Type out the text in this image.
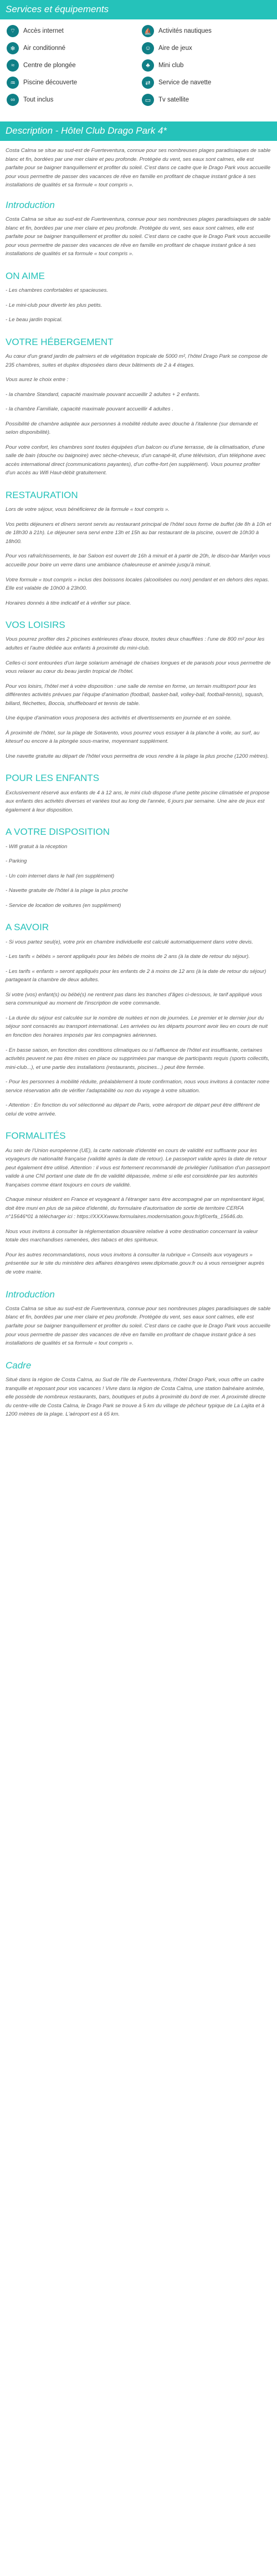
Services et équipements
⌔	Accès internet	⛵	Activités nautiques
❄	Air conditionné	☺	Aire de jeux
≈	Centre de plongée	♣	Mini club
♒	Piscine découverte	⇄	Service de navette
∞	Tout inclus	▭	Tv satellite
Description - Hôtel Club Drago Park 4*

Costa Calma se situe au sud-est de Fuerteventura, connue pour ses nombreuses plages paradisiaques de sable blanc et fin, bordées par une mer claire et peu profonde. Protégée du vent, ses eaux sont calmes, elle est parfaite pour se baigner tranquillement et profiter du soleil. C'est dans ce cadre que le Drago Park vous accueille pour vous permettre de passer des vacances de rêve en famille en profitant de chaque instant grâce à ses installations de qualités et sa formule « tout compris ».

Introduction

Costa Calma se situe au sud-est de Fuerteventura, connue pour ses nombreuses plages paradisiaques de sable blanc et fin, bordées par une mer claire et peu profonde. Protégée du vent, ses eaux sont calmes, elle est parfaite pour se baigner tranquillement et profiter du soleil. C'est dans ce cadre que le Drago Park vous accueille pour vous permettre de passer des vacances de rêve en famille en profitant de chaque instant grâce à ses installations de qualités et sa formule « tout compris ».

ON AIME

- Les chambres confortables et spacieuses.

- Le mini-club pour divertir les plus petits.

- Le beau jardin tropical.

VOTRE HÉBERGEMENT

Au cœur d'un grand jardin de palmiers et de végétation tropicale de 5000 m², l'hôtel Drago Park se compose de 235 chambres, suites et duplex disposées dans deux bâtiments de 2 à 4 étages.

Vous aurez le choix entre :

- la chambre Standard, capacité maximale pouvant accueillir 2 adultes + 2 enfants.

- la chambre Familiale, capacité maximale pouvant accueillir 4 adultes .

Possibilité de chambre adaptée aux personnes à mobilité réduite avec douche à l'italienne (sur demande et selon disponibilité).

Pour votre confort, les chambres sont toutes équipées d'un balcon ou d'une terrasse, de la climatisation, d'une salle de bain (douche ou baignoire) avec sèche-cheveux, d'un canapé-lit, d'une télévision, d'un téléphone avec accès international direct (communications payantes), d'un coffre-fort (en supplément). Vous pourrez profiter d'un accès au Wifi Haut-débit gratuitement.

RESTAURATION

Lors de votre séjour, vous bénéficierez de la formule « tout compris ».

Vos petits déjeuners et dîners seront servis au restaurant principal de l'hôtel sous forme de buffet (de 8h à 10h et de 18h30 à 21h). Le déjeuner sera servi entre 13h et 15h au bar restaurant de la piscine, ouvert de 10h30 à 18h00.

Pour vos rafraîchissements, le bar Saloon est ouvert de 16h à minuit et à partir de 20h, le disco-bar Marilyn vous accueille pour boire un verre dans une ambiance chaleureuse et animée jusqu'à minuit.

Votre formule « tout compris » inclus des boissons locales (alcoolisées ou non) pendant et en dehors des repas. Elle est valable de 10h00 à 23h00.

Horaires donnés à titre indicatif et à vérifier sur place.

VOS LOISIRS

Vous pourrez profiter des 2 piscines extérieures d'eau douce, toutes deux chauffées : l'une de 800 m² pour les adultes et l'autre dédiée aux enfants à proximité du mini-club.

Celles-ci sont entourées d'un large solarium aménagé de chaises longues et de parasols pour vous permettre de vous relaxer au cœur du beau jardin tropical de l'hôtel.

Pour vos loisirs, l'hôtel met à votre disposition : une salle de remise en forme, un terrain multisport pour les différentes activités prévues par l'équipe d'animation (football, basket-ball, volley-ball, football-tennis), squash, billard, fléchettes, Boccia, shuffleboard et tennis de table.

Une équipe d'animation vous proposera des activités et divertissements en journée et en soirée.

À proximité de l'hôtel, sur la plage de Sotavento, vous pourrez vous essayer à la planche à voile, au surf, au kitesurf ou encore à la plongée sous-marine, moyennant supplément.

Une navette gratuite au départ de l'hôtel vous permettra de vous rendre à la plage la plus proche (1200 mètres).

POUR LES ENFANTS

Exclusivement réservé aux enfants de 4 à 12 ans, le mini club dispose d'une petite piscine climatisée et propose aux enfants des activités diverses et variées tout au long de l'année, 6 jours par semaine. Une aire de jeux est également à leur disposition.

A VOTRE DISPOSITION

- Wifi gratuit à la réception

- Parking

- Un coin internet dans le hall (en supplément)

- Navette gratuite de l'hôtel à la plage la plus proche

- Service de location de voitures (en supplément)

A SAVOIR

- Si vous partez seul(e), votre prix en chambre individuelle est calculé automatiquement dans votre devis.

- Les tarifs « bébés » seront appliqués pour les bébés de moins de 2 ans (à la date de retour du séjour).

- Les tarifs « enfants » seront appliqués pour les enfants de 2 à moins de 12 ans (à la date de retour du séjour) partageant la chambre de deux adultes.

Si votre (vos) enfant(s) ou bébé(s) ne rentrent pas dans les tranches d'âges ci-dessous, le tarif appliqué vous sera communiqué au moment de l'inscription de votre commande.

- La durée du séjour est calculée sur le nombre de nuitées et non de journées. Le premier et le dernier jour du séjour sont consacrés au transport international. Les arrivées ou les départs pourront avoir lieu en cours de nuit en fonction des horaires imposés par les compagnies aériennes.

- En basse saison, en fonction des conditions climatiques ou si l'affluence de l'hôtel est insuffisante, certaines activités peuvent ne pas être mises en place ou supprimées par manque de participants requis (sports collectifs, mini-club...), et une partie des installations (restaurants, piscines...) peut être fermée.

- Pour les personnes à mobilité réduite, préalablement à toute confirmation, nous vous invitons à contacter notre service réservation afin de vérifier l'adaptabilité ou non du voyage à votre situation.

- Attention : En fonction du vol sélectionné au départ de Paris, votre aéroport de départ peut être différent de celui de votre arrivée.

FORMALITÉS

Au sein de l'Union européenne (UE), la carte nationale d'identité en cours de validité est suffisante pour les voyageurs de nationalité française (validité après la date de retour). Le passeport valide après la date de retour peut également être utilisé. Attention : il vous est fortement recommandé de privilégier l'utilisation d'un passeport valide à une CNI portant une date de fin de validité dépassée, même si elle est considérée par les autorités françaises comme étant toujours en cours de validité.

Chaque mineur résident en France et voyageant à l'étranger sans être accompagné par un représentant légal, doit être muni en plus de sa pièce d'identité, du formulaire d'autorisation de sortie de territoire CERFA n°15646*01 à télécharger ici : https://XXXXwww.formulaires.modernisation.gouv.fr/gf/cerfa_15646.do.

Nous vous invitons à consulter la réglementation douanière relative à votre destination concernant la valeur totale des marchandises ramenées, des tabacs et des spiritueux.

Pour les autres recommandations, nous vous invitons à consulter la rubrique « Conseils aux voyageurs » présentée sur le site du ministère des affaires étrangères www.diplomatie.gouv.fr ou à vous renseigner auprès de votre mairie.

Introduction

Costa Calma se situe au sud-est de Fuerteventura, connue pour ses nombreuses plages paradisiaques de sable blanc et fin, bordées par une mer claire et peu profonde. Protégée du vent, ses eaux sont calmes, elle est parfaite pour se baigner tranquillement et profiter du soleil. C'est dans ce cadre que le Drago Park vous accueille pour vous permettre de passer des vacances de rêve en famille en profitant de chaque instant grâce à ses installations de qualités et sa formule « tout compris ».

Cadre

Situé dans la région de Costa Calma, au Sud de l'île de Fuerteventura, l'hôtel Drago Park, vous offre un cadre tranquille et reposant pour vos vacances ! Vivre dans la région de Costa Calma, une station balnéaire animée, elle possède de nombreux restaurants, bars, boutiques et pubs à proximité du bord de mer. A proximité directe du centre-ville de Costa Calma, le Drago Park se trouve à 5 km du village de pêcheur typique de La Lajita et à 1200 mètres de la plage. L'aéroport est à 65 km.
